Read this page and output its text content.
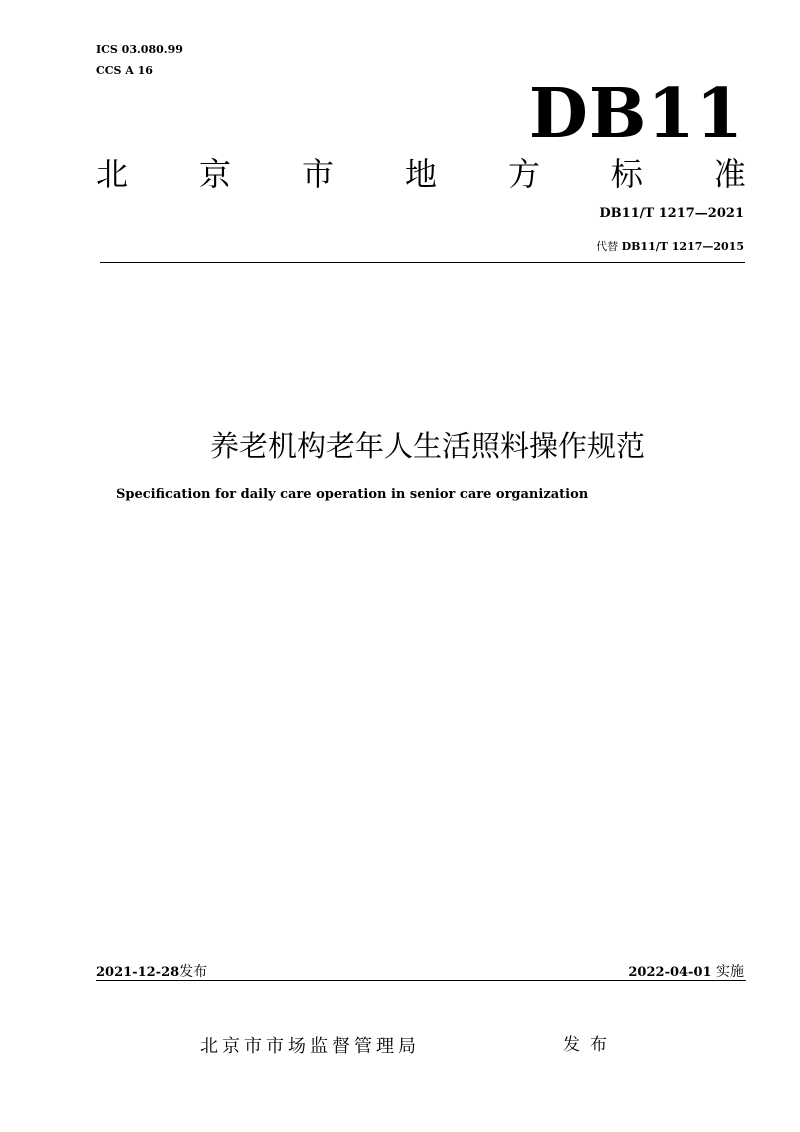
ICS 03.080.99
CCS A 16
DB11
北 京 市 地 方 标 准
DB11/T 1217—2021
代替 DB11/T 1217—2015
养老机构老年人生活照料操作规范
Specification for daily care operation in senior care organization
2021-12-28发布	2022-04-01 实施
北京市市场监督管理局	发布
